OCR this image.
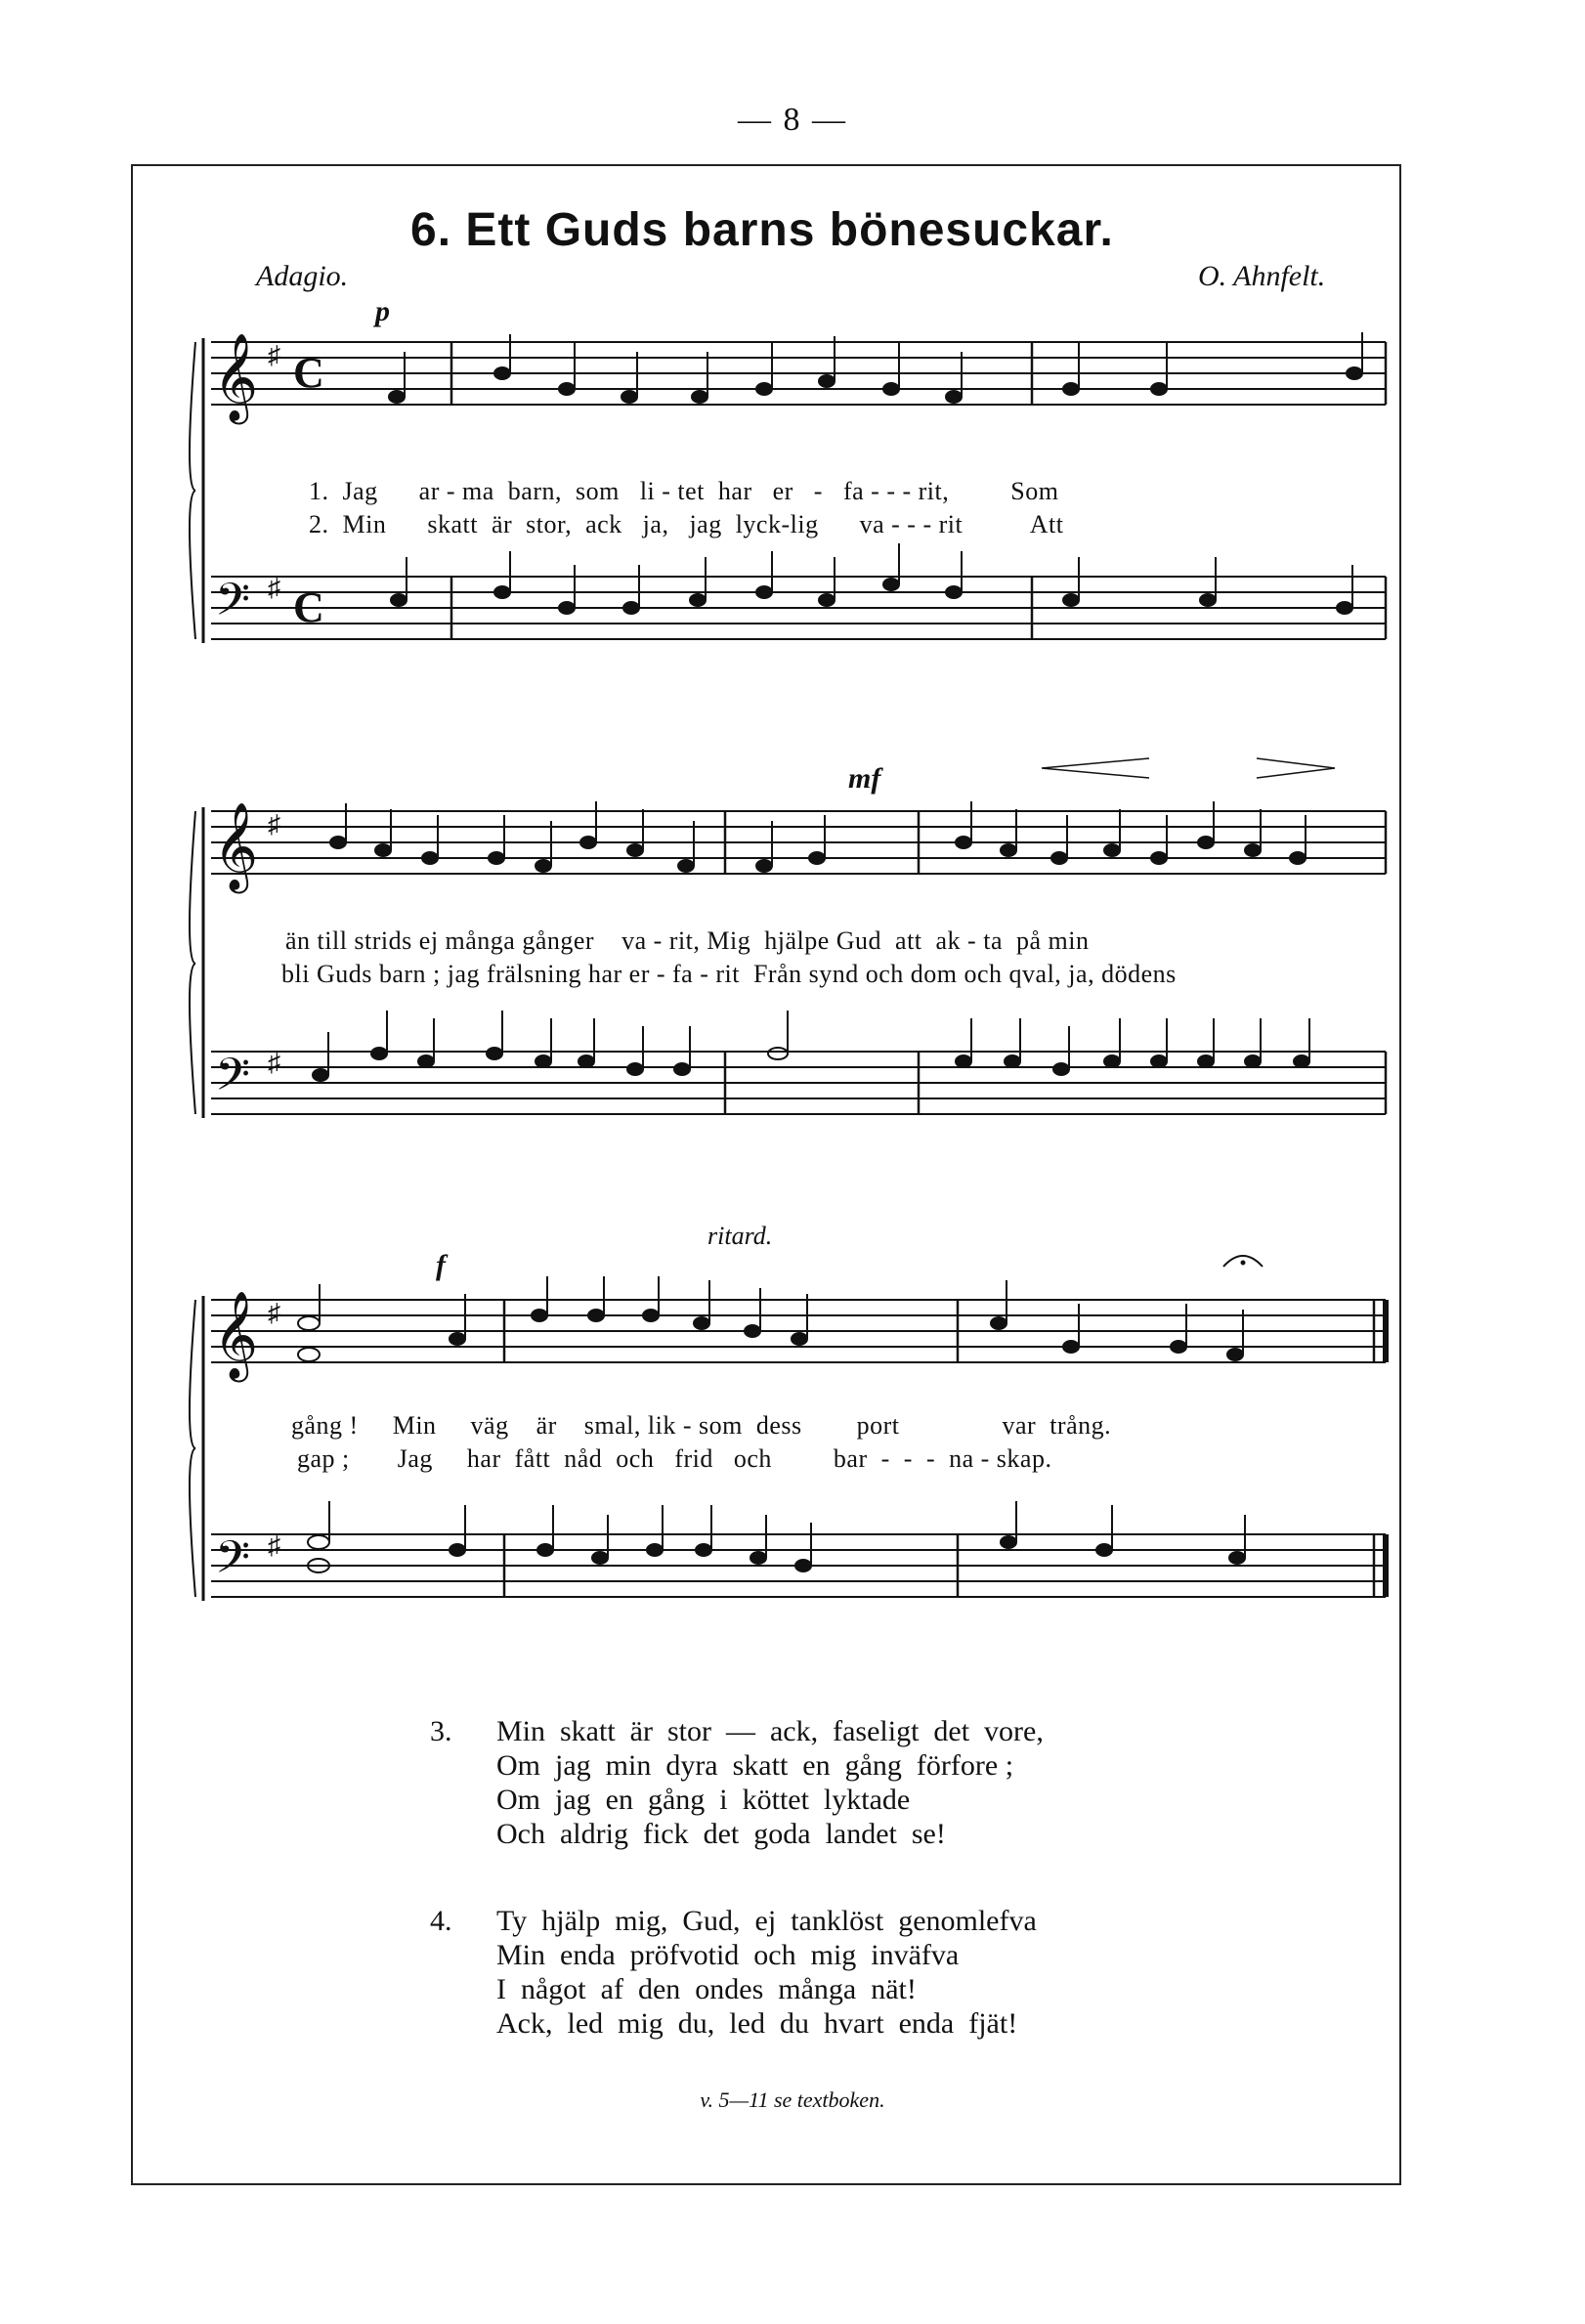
— 8 —
6. Ett Guds barns bönesuckar.
Adagio.	O. Ahnfelt.
p
mf
f
ritard.
𝄞
𝄢
♯
♯
C
C
1.  Jag      ar - ma  barn,  som   li - tet  har   er   -   fa - - - rit,         Som
2.  Min      skatt  är  stor,  ack   ja,   jag  lyck-lig      va - - - rit          Att
𝄞
𝄢
♯
♯
än till strids ej många gånger    va - rit, Mig  hjälpe Gud  att  ak - ta  på min
bli Guds barn ; jag frälsning har er - fa - rit  Från synd och dom och qval, ja, dödens
𝄞
𝄢
♯
♯
gång !     Min     väg    är    smal, lik - som  dess        port               var  trång.
gap ;       Jag     har  fått  nåd  och   frid   och         bar  -  -  -  na - skap.
3.	Min  skatt  är  stor  —  ack,  faseligt  det  vore,
Om  jag  min  dyra  skatt  en  gång  förfore ;
Om  jag  en  gång  i  köttet  lyktade
Och  aldrig  fick  det  goda  landet  se!
4.	Ty  hjälp  mig,  Gud,  ej  tanklöst  genomlefva
Min  enda  pröfvotid  och  mig  inväfva
I  något  af  den  ondes  många  nät!
Ack,  led  mig  du,  led  du  hvart  enda  fjät!
v. 5—11 se textboken.
